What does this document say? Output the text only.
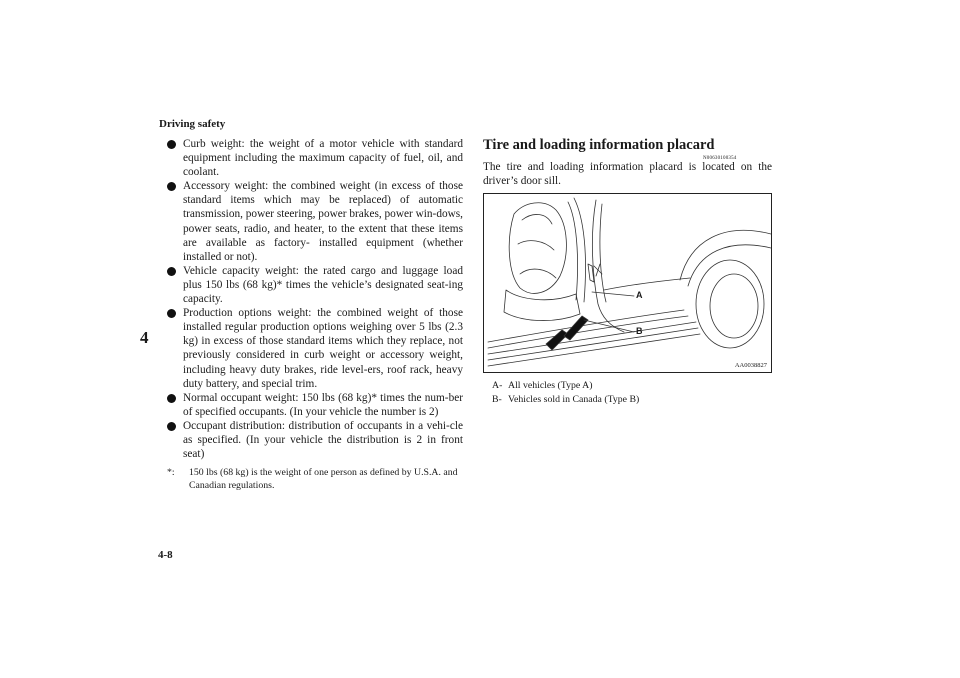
Driving safety
4
4-8
Curb weight: the weight of a motor vehicle with standard equipment including the maximum capacity of fuel, oil, and coolant.
Accessory weight: the combined weight (in excess of those standard items which may be replaced) of automatic transmission, power steering, power brakes, power win-dows, power seats, radio, and heater, to the extent that these items are available as factory- installed equipment (whether installed or not).
Vehicle capacity weight: the rated cargo and luggage load plus 150 lbs (68 kg)* times the vehicle’s designated seat-ing capacity.
Production options weight: the combined weight of those installed regular production options weighing over 5 lbs (2.3 kg) in excess of those standard items which they replace, not previously considered in curb weight or accessory weight, including heavy duty brakes, ride level-ers, roof rack, heavy duty battery, and special trim.
Normal occupant weight: 150 lbs (68 kg)* times the num-ber of specified occupants. (In your vehicle the number is 2)
Occupant distribution: distribution of occupants in a vehi-cle as specified. (In your vehicle the distribution is 2 in front seat)
*:	150 lbs (68 kg) is the weight of one person as defined by U.S.A. and Canadian regulations.
Tire and loading information placard
N00630100354
The tire and loading information placard is located on the driver’s door sill.
A
B
AA0038827
A- All vehicles (Type A)
B- Vehicles sold in Canada (Type B)
